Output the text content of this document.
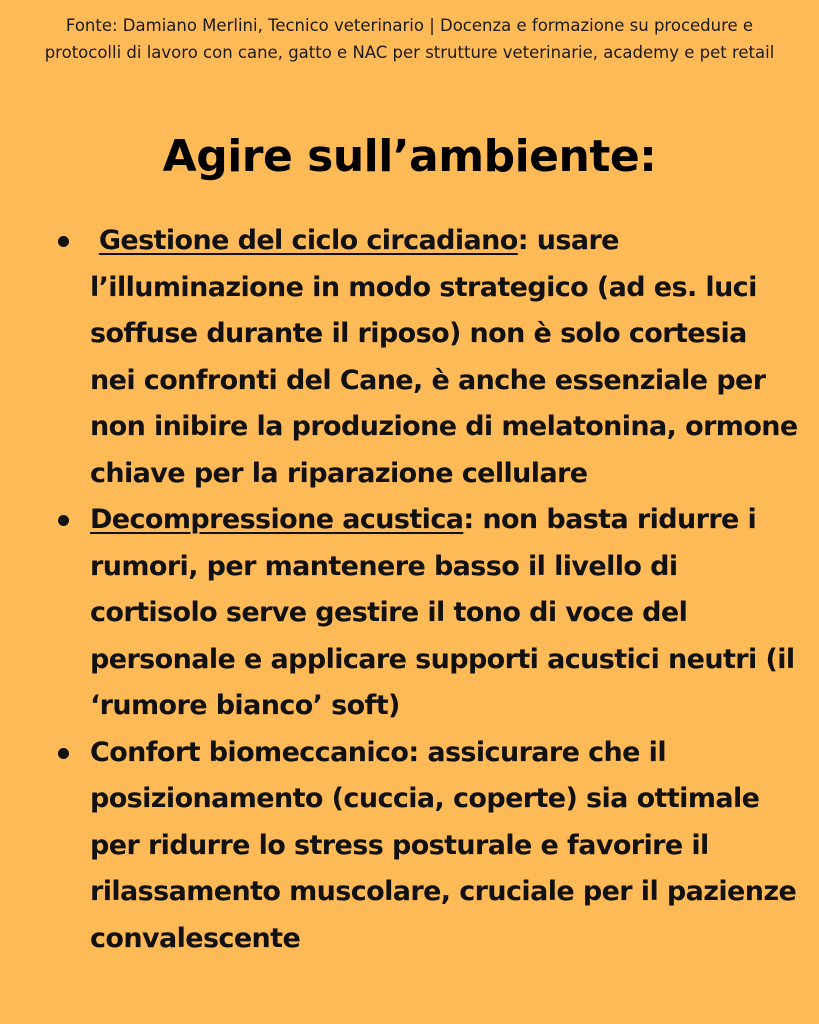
Fonte: Damiano Merlini, Tecnico veterinario | Docenza e formazione su procedure e protocolli di lavoro con cane, gatto e NAC per strutture veterinarie, academy e pet retail
Agire sull’ambiente:
Gestione del ciclo circadiano: usare l’illuminazione in modo strategico (ad es. luci soffuse durante il riposo) non è solo cortesia nei confronti del Cane, è anche essenziale per non inibire la produzione di melatonina, ormone chiave per la riparazione cellulare
Decompressione acustica: non basta ridurre i rumori, per mantenere basso il livello di cortisolo serve gestire il tono di voce del personale e applicare supporti acustici neutri (il ‘rumore bianco’ soft)
Confort biomeccanico: assicurare che il posizionamento (cuccia, coperte) sia ottimale per ridurre lo stress posturale e favorire il rilassamento muscolare, cruciale per il pazienze convalescente
